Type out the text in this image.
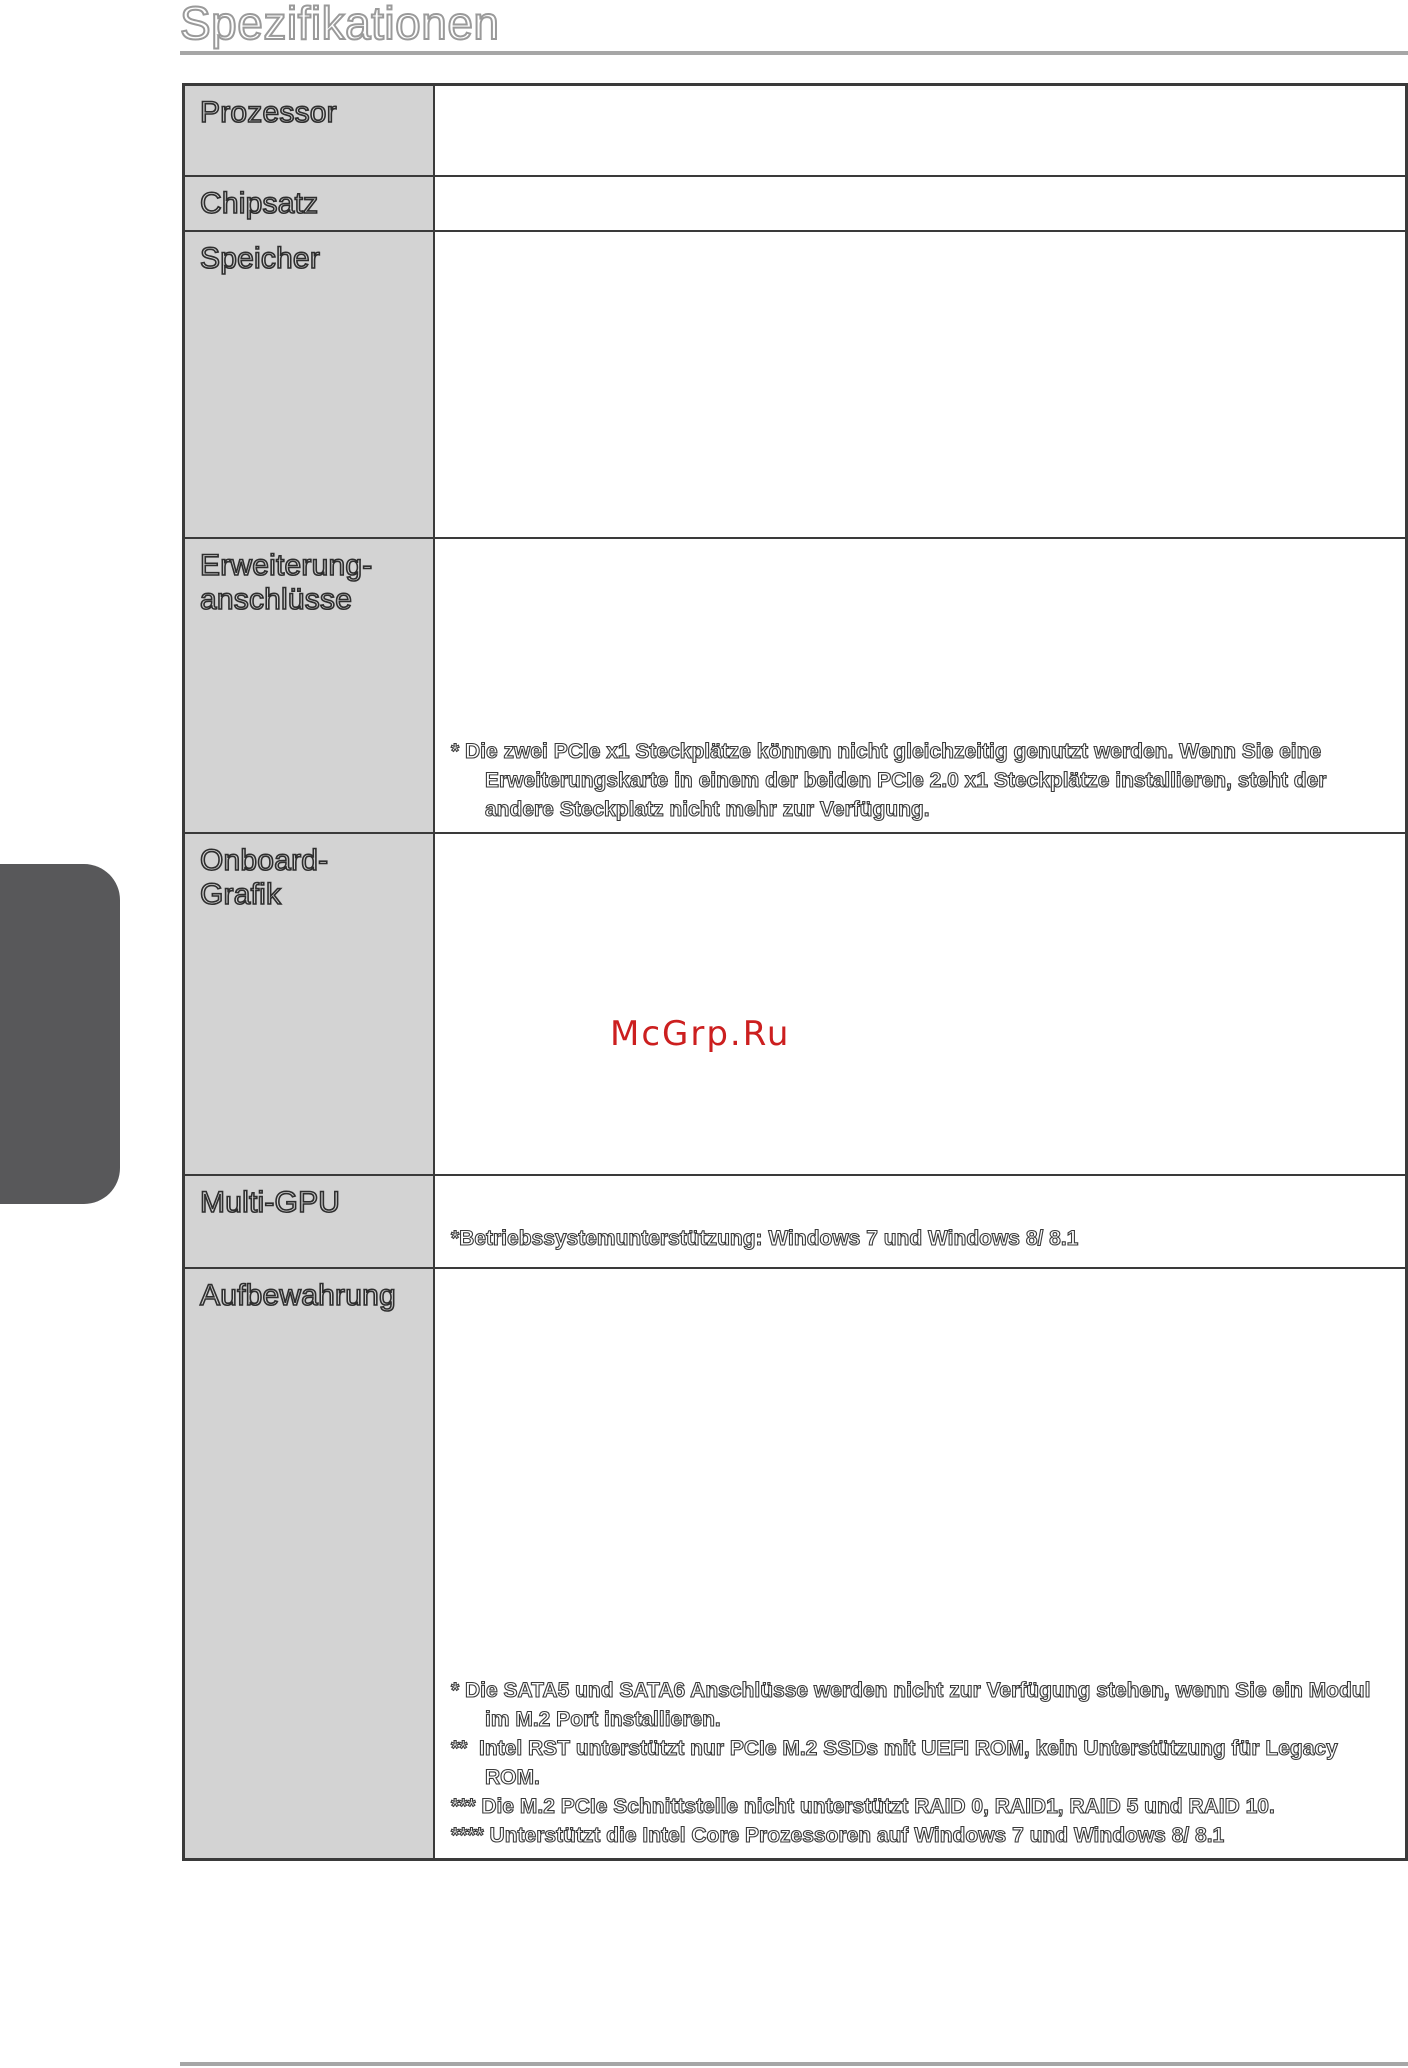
Spezifikationen
Prozessor
Chipsatz
Speicher
Erweiterung-
anschlüsse
* Die zwei PCIe x1 Steckplätze können nicht gleichzeitig genutzt werden. Wenn Sie eine Erweiterungskarte in einem der beiden PCIe 2.0 x1 Steckplätze installieren, steht der andere Steckplatz nicht mehr zur Verfügung.
Onboard-
Grafik
Multi-GPU
*Betriebssystemunterstützung: Windows 7 und Windows 8/ 8.1
Aufbewahrung
* Die SATA5 und SATA6 Anschlüsse werden nicht zur Verfügung stehen, wenn Sie ein Modul im M.2 Port installieren.
**  Intel RST unterstützt nur PCIe M.2 SSDs mit UEFI ROM, kein Unterstützung für Legacy ROM.
*** Die M.2 PCIe Schnittstelle nicht unterstützt RAID 0, RAID1, RAID 5 und RAID 10.
**** Unterstützt die Intel Core Prozessoren auf Windows 7 und Windows 8/ 8.1
McGrp.Ru
